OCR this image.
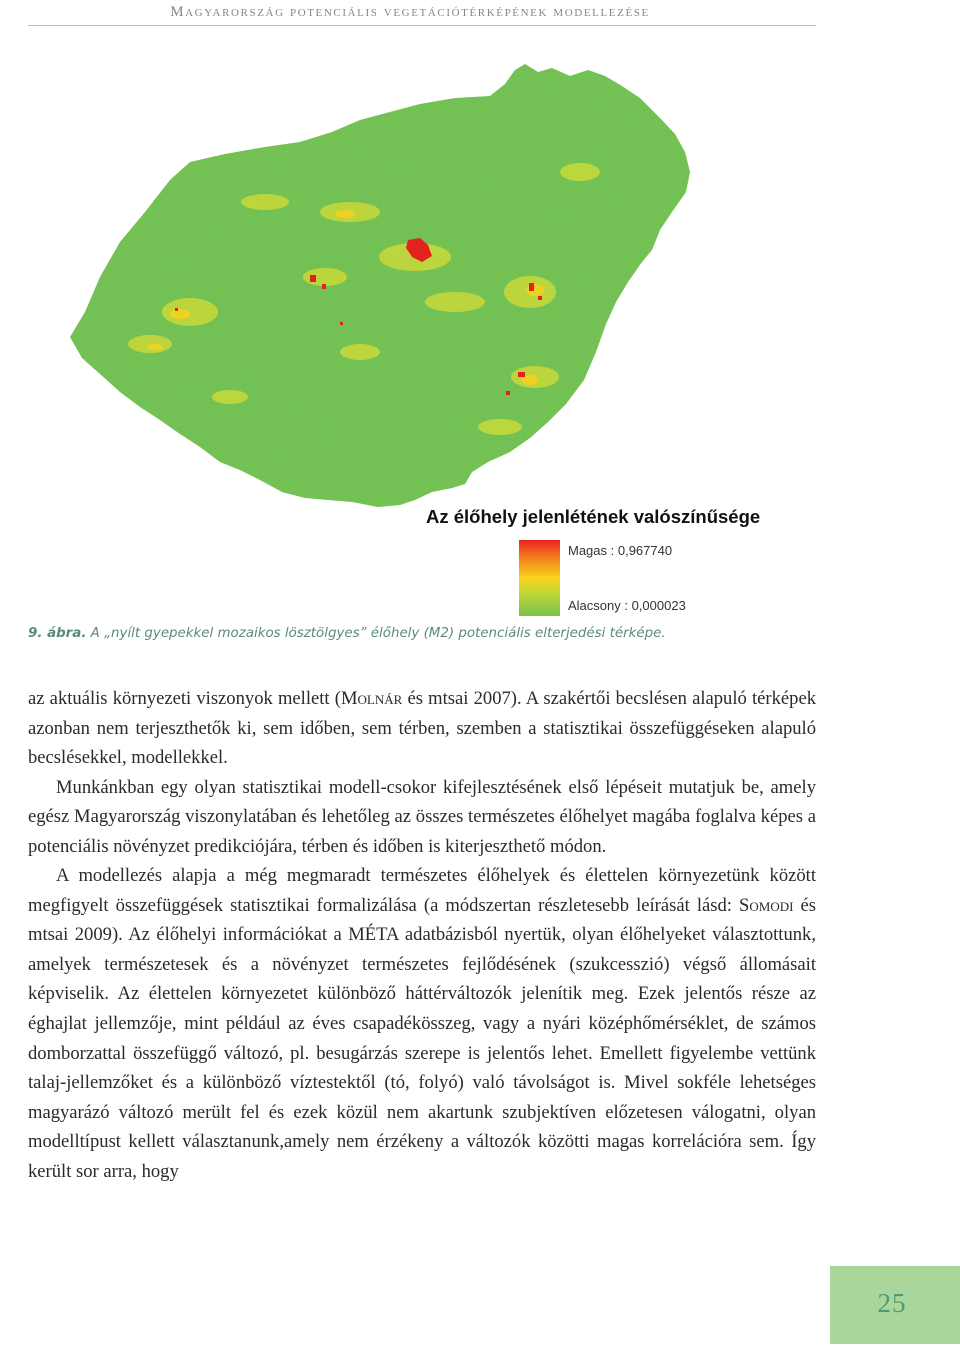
Magyarország potenciális vegetációtérképének modellezése
Az élőhely jelenlétének valószínűsége
Magas : 0,967740
Alacsony : 0,000023
9. ábra. A „nyílt gyepekkel mozaikos lösztölgyes” élőhely (M2) potenciális elterjedési térképe.

az aktuális környezeti viszonyok mellett (Molnár és mtsai 2007). A szakértői becslésen alapuló térképek azonban nem terjeszthetők ki, sem időben, sem térben, szemben a statisztikai összefüggéseken alapuló becslésekkel, modellekkel.

Munkánkban egy olyan statisztikai modell-csokor kifejlesztésének első lépéseit mutatjuk be, amely egész Magyarország viszonylatában és lehetőleg az összes természetes élőhelyet magába foglalva képes a potenciális növényzet predikciójára, térben és időben is kiterjeszthető módon.

A modellezés alapja a még megmaradt természetes élőhelyek és élettelen környezetünk között megfigyelt összefüggések statisztikai formalizálása (a módszertan részletesebb leírását lásd: Somodi és mtsai 2009). Az élőhelyi információkat a MÉTA adatbázisból nyertük, olyan élőhelyeket választottunk, amelyek természetesek és a növényzet természetes fejlődésének (szukcesszió) végső állomásait képviselik. Az élettelen környezetet különböző háttérváltozók jelenítik meg. Ezek jelentős része az éghajlat jellemzője, mint például az éves csapadékösszeg, vagy a nyári középhőmérséklet, de számos domborzattal összefüggő változó, pl. besugárzás szerepe is jelentős lehet. Emellett figyelembe vettünk talaj-jellemzőket és a különböző víztestektől (tó, folyó) való távolságot is. Mivel sokféle lehetséges magyarázó változó merült fel és ezek közül nem akartunk szubjektíven előzetesen válogatni, olyan modelltípust kellett választanunk,amely nem érzékeny a változók közötti magas korrelációra sem. Így került sor arra, hogy

25
